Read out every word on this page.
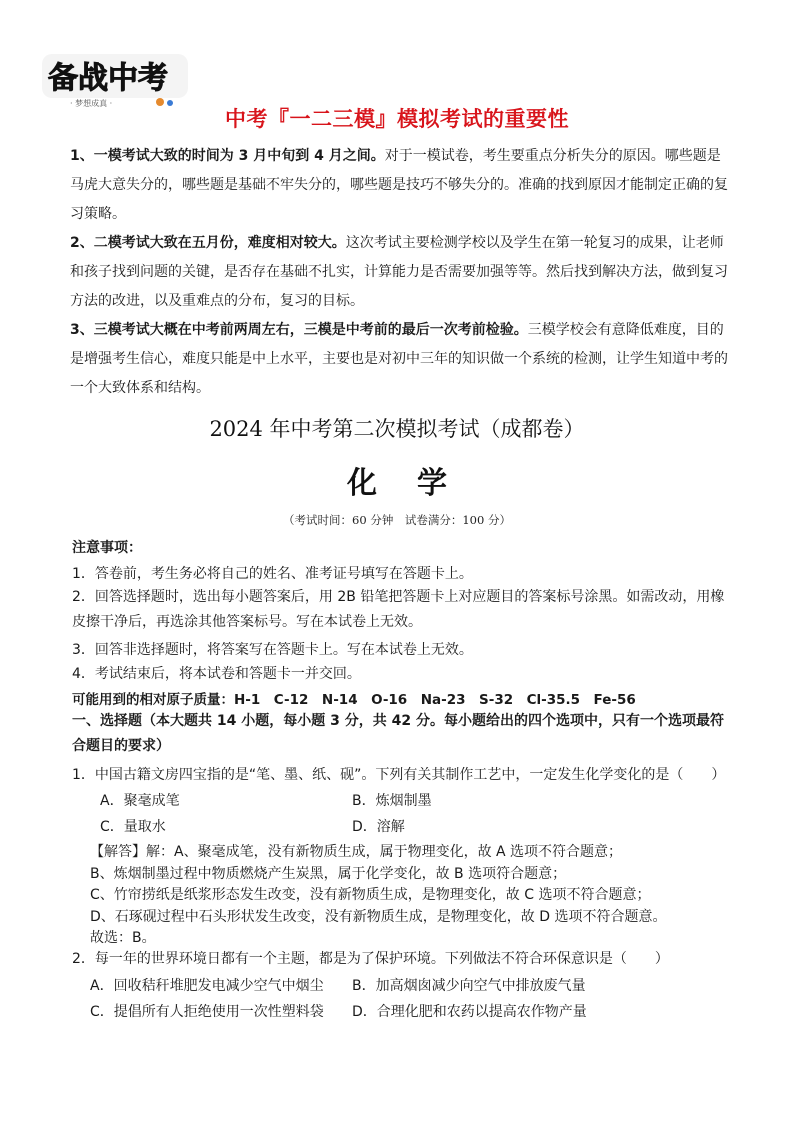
备战中考
· 梦想成真 ·
中考『一二三模』模拟考试的重要性
1、一模考试大致的时间为 3 月中旬到 4 月之间。对于一模试卷，考生要重点分析失分的原因。哪些题是马虎大意失分的，哪些题是基础不牢失分的，哪些题是技巧不够失分的。准确的找到原因才能制定正确的复习策略。
2、二模考试大致在五月份，难度相对较大。这次考试主要检测学校以及学生在第一轮复习的成果，让老师和孩子找到问题的关键，是否存在基础不扎实，计算能力是否需要加强等等。然后找到解决方法，做到复习方法的改进，以及重难点的分布，复习的目标。
3、三模考试大概在中考前两周左右，三模是中考前的最后一次考前检验。三模学校会有意降低难度，目的是增强考生信心，难度只能是中上水平，主要也是对初中三年的知识做一个系统的检测，让学生知道中考的一个大致体系和结构。
2024 年中考第二次模拟考试（成都卷）
化学
（考试时间：60 分钟　试卷满分：100 分）
注意事项：
1．答卷前，考生务必将自己的姓名、准考证号填写在答题卡上。
2．回答选择题时，选出每小题答案后，用 2B 铅笔把答题卡上对应题目的答案标号涂黑。如需改动，用橡皮擦干净后，再选涂其他答案标号。写在本试卷上无效。
3．回答非选择题时，将答案写在答题卡上。写在本试卷上无效。
4．考试结束后，将本试卷和答题卡一并交回。
可能用到的相对原子质量：H-1　C-12　N-14　O-16　Na-23　S-32　Cl-35.5　Fe-56
一、选择题（本大题共 14 小题，每小题 3 分，共 42 分。每小题给出的四个选项中，只有一个选项最符合题目的要求）
1．中国古籍文房四宝指的是“笔、墨、纸、砚”。下列有关其制作工艺中，一定发生化学变化的是（　　）
A．聚毫成笔	B．炼烟制墨
C．量取水	D．溶解
【解答】解：A、聚毫成笔，没有新物质生成，属于物理变化，故 A 选项不符合题意；
B、炼烟制墨过程中物质燃烧产生炭黑，属于化学变化，故 B 选项符合题意；
C、竹帘捞纸是纸浆形态发生改变，没有新物质生成，是物理变化，故 C 选项不符合题意；
D、石琢砚过程中石头形状发生改变，没有新物质生成，是物理变化，故 D 选项不符合题意。
故选：B。
2．每一年的世界环境日都有一个主题，都是为了保护环境。下列做法不符合环保意识是（　　）
A．回收秸秆堆肥发电减少空气中烟尘 B．加高烟囱减少向空气中排放废气量
C．提倡所有人拒绝使用一次性塑料袋 D．合理化肥和农药以提高农作物产量
